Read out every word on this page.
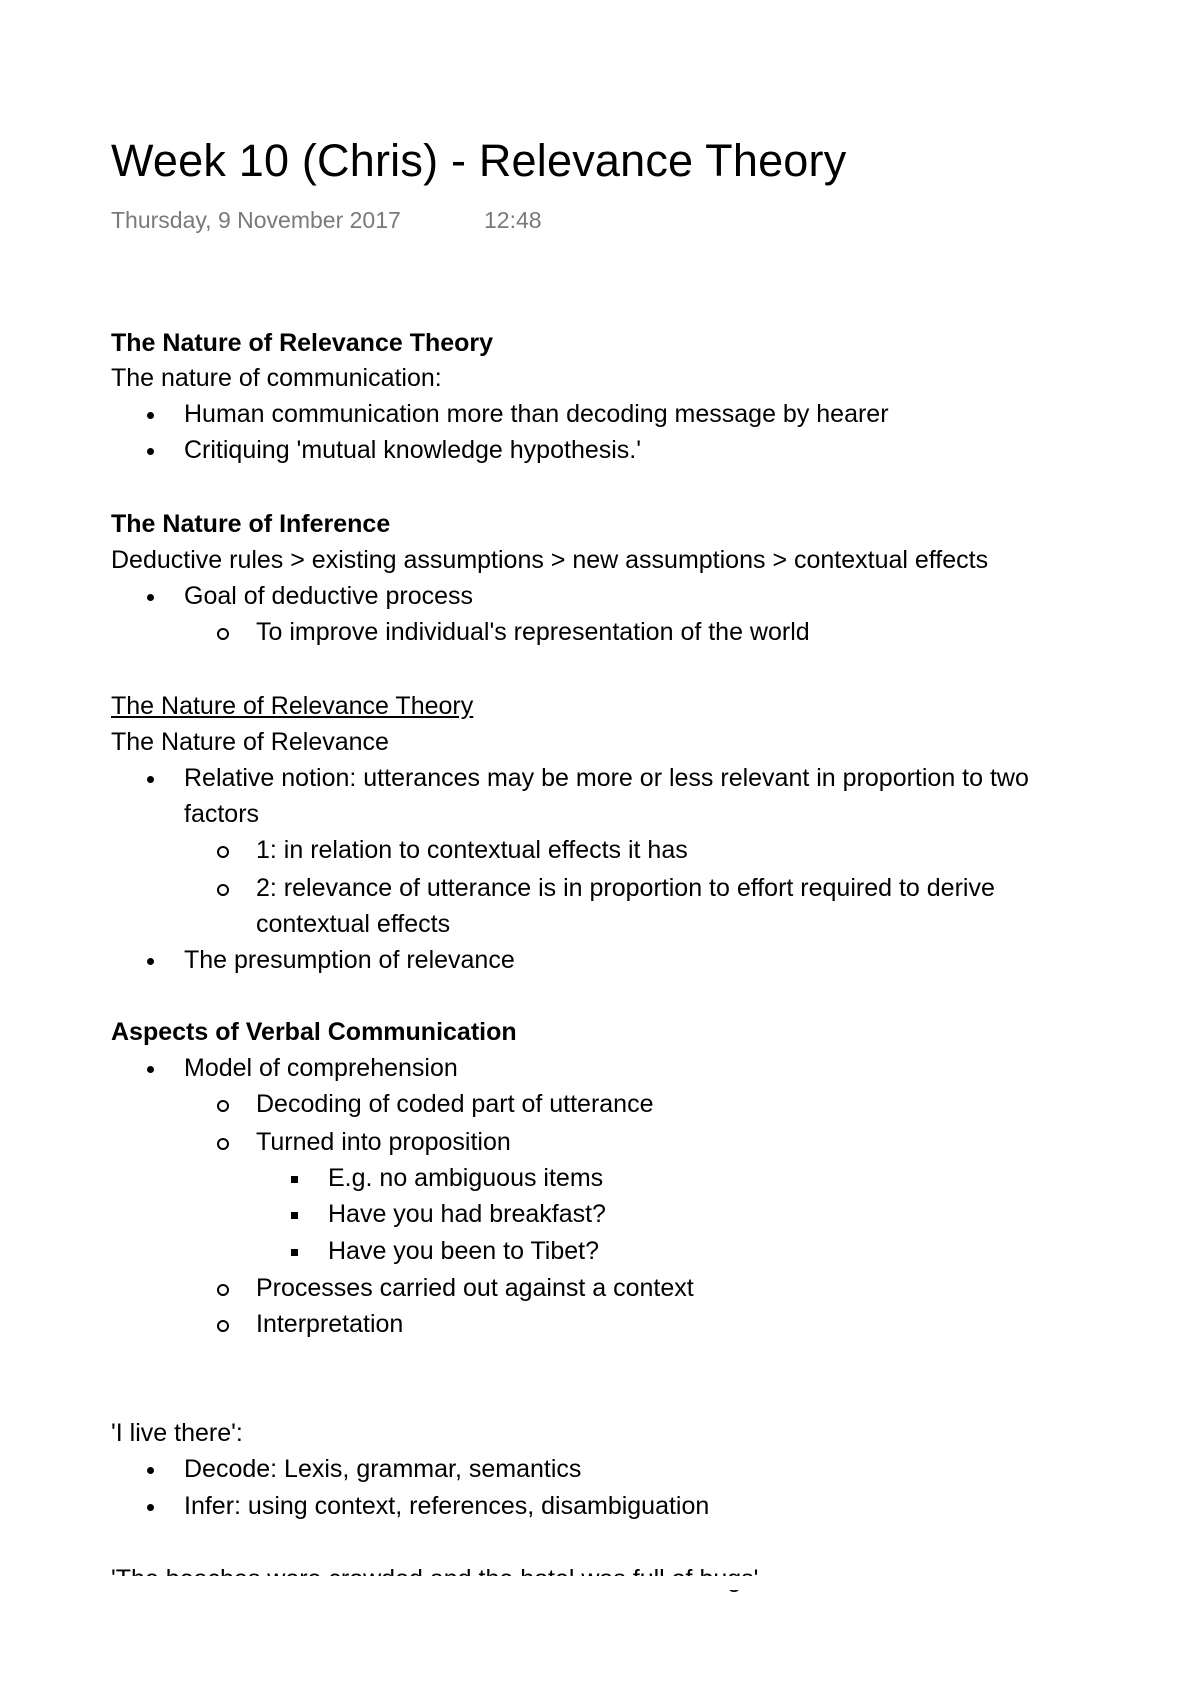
Week 10 (Chris) - Relevance Theory
Thursday, 9 November 2017	12:48
The Nature of Relevance Theory
The nature of communication:
Human communication more than decoding message by hearer
Critiquing 'mutual knowledge hypothesis.'
The Nature of Inference
Deductive rules > existing assumptions > new assumptions > contextual effects
Goal of deductive process
To improve individual's representation of the world
The Nature of Relevance Theory
The Nature of Relevance
Relative notion: utterances may be more or less relevant in proportion to two
factors
1: in relation to contextual effects it has
2: relevance of utterance is in proportion to effort required to derive
contextual effects
The presumption of relevance
Aspects of Verbal Communication
Model of comprehension
Decoding of coded part of utterance
Turned into proposition
E.g. no ambiguous items
Have you had breakfast?
Have you been to Tibet?
Processes carried out against a context
Interpretation
'I live there':
Decode: Lexis, grammar, semantics
Infer: using context, references, disambiguation
